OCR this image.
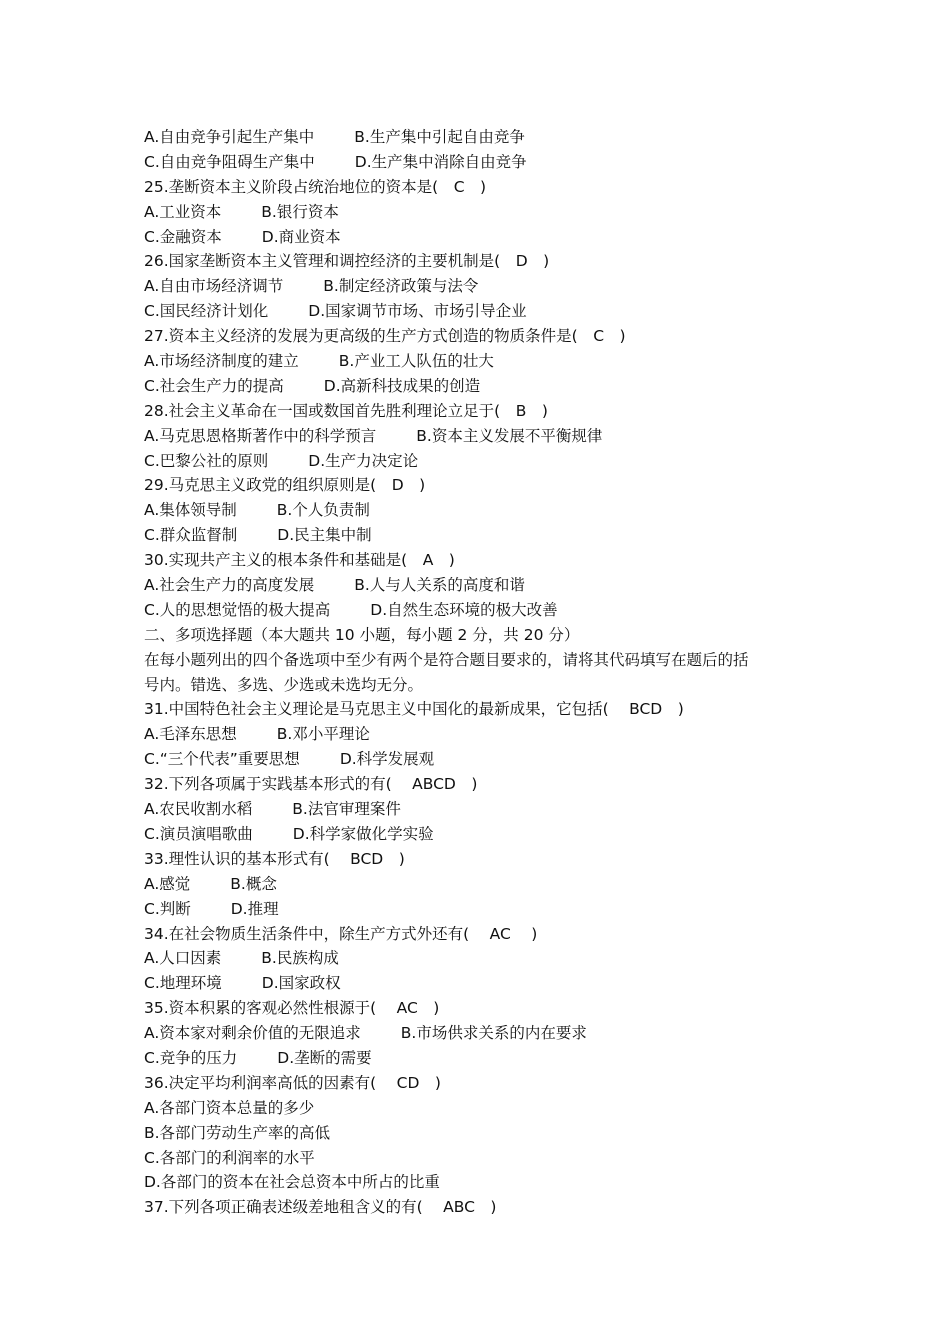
A.自由竞争引起生产集中	B.生产集中引起自由竞争
C.自由竞争阻碍生产集中	D.生产集中消除自由竞争
25.垄断资本主义阶段占统治地位的资本是(　C　)
A.工业资本	B.银行资本
C.金融资本	D.商业资本
26.国家垄断资本主义管理和调控经济的主要机制是(　D　)
A.自由市场经济调节	B.制定经济政策与法令
C.国民经济计划化	D.国家调节市场、市场引导企业
27.资本主义经济的发展为更高级的生产方式创造的物质条件是(　C　)
A.市场经济制度的建立	B.产业工人队伍的壮大
C.社会生产力的提高	D.高新科技成果的创造
28.社会主义革命在一国或数国首先胜利理论立足于(　B　)
A.马克思恩格斯著作中的科学预言	B.资本主义发展不平衡规律
C.巴黎公社的原则	D.生产力决定论
29.马克思主义政党的组织原则是(　D　)
A.集体领导制	B.个人负责制
C.群众监督制	D.民主集中制
30.实现共产主义的根本条件和基础是(　A　)
A.社会生产力的高度发展	B.人与人关系的高度和谐
C.人的思想觉悟的极大提高	D.自然生态环境的极大改善
二、多项选择题（本大题共 10 小题，每小题 2 分，共 20 分）
在每小题列出的四个备选项中至少有两个是符合题目要求的，请将其代码填写在题后的括
号内。错选、多选、少选或未选均无分。
31.中国特色社会主义理论是马克思主义中国化的最新成果，它包括(　 BCD　)
A.毛泽东思想	B.邓小平理论
C.“三个代表”重要思想	D.科学发展观
32.下列各项属于实践基本形式的有(　 ABCD　)
A.农民收割水稻	B.法官审理案件
C.演员演唱歌曲	D.科学家做化学实验
33.理性认识的基本形式有(　 BCD　)
A.感觉	B.概念
C.判断	D.推理
34.在社会物质生活条件中，除生产方式外还有(　 AC　 )
A.人口因素	B.民族构成
C.地理环境	D.国家政权
35.资本积累的客观必然性根源于(　 AC　)
A.资本家对剩余价值的无限追求	B.市场供求关系的内在要求
C.竞争的压力	D.垄断的需要
36.决定平均利润率高低的因素有(　 CD　)
A.各部门资本总量的多少
B.各部门劳动生产率的高低
C.各部门的利润率的水平
D.各部门的资本在社会总资本中所占的比重
37.下列各项正确表述级差地租含义的有(　 ABC　)
